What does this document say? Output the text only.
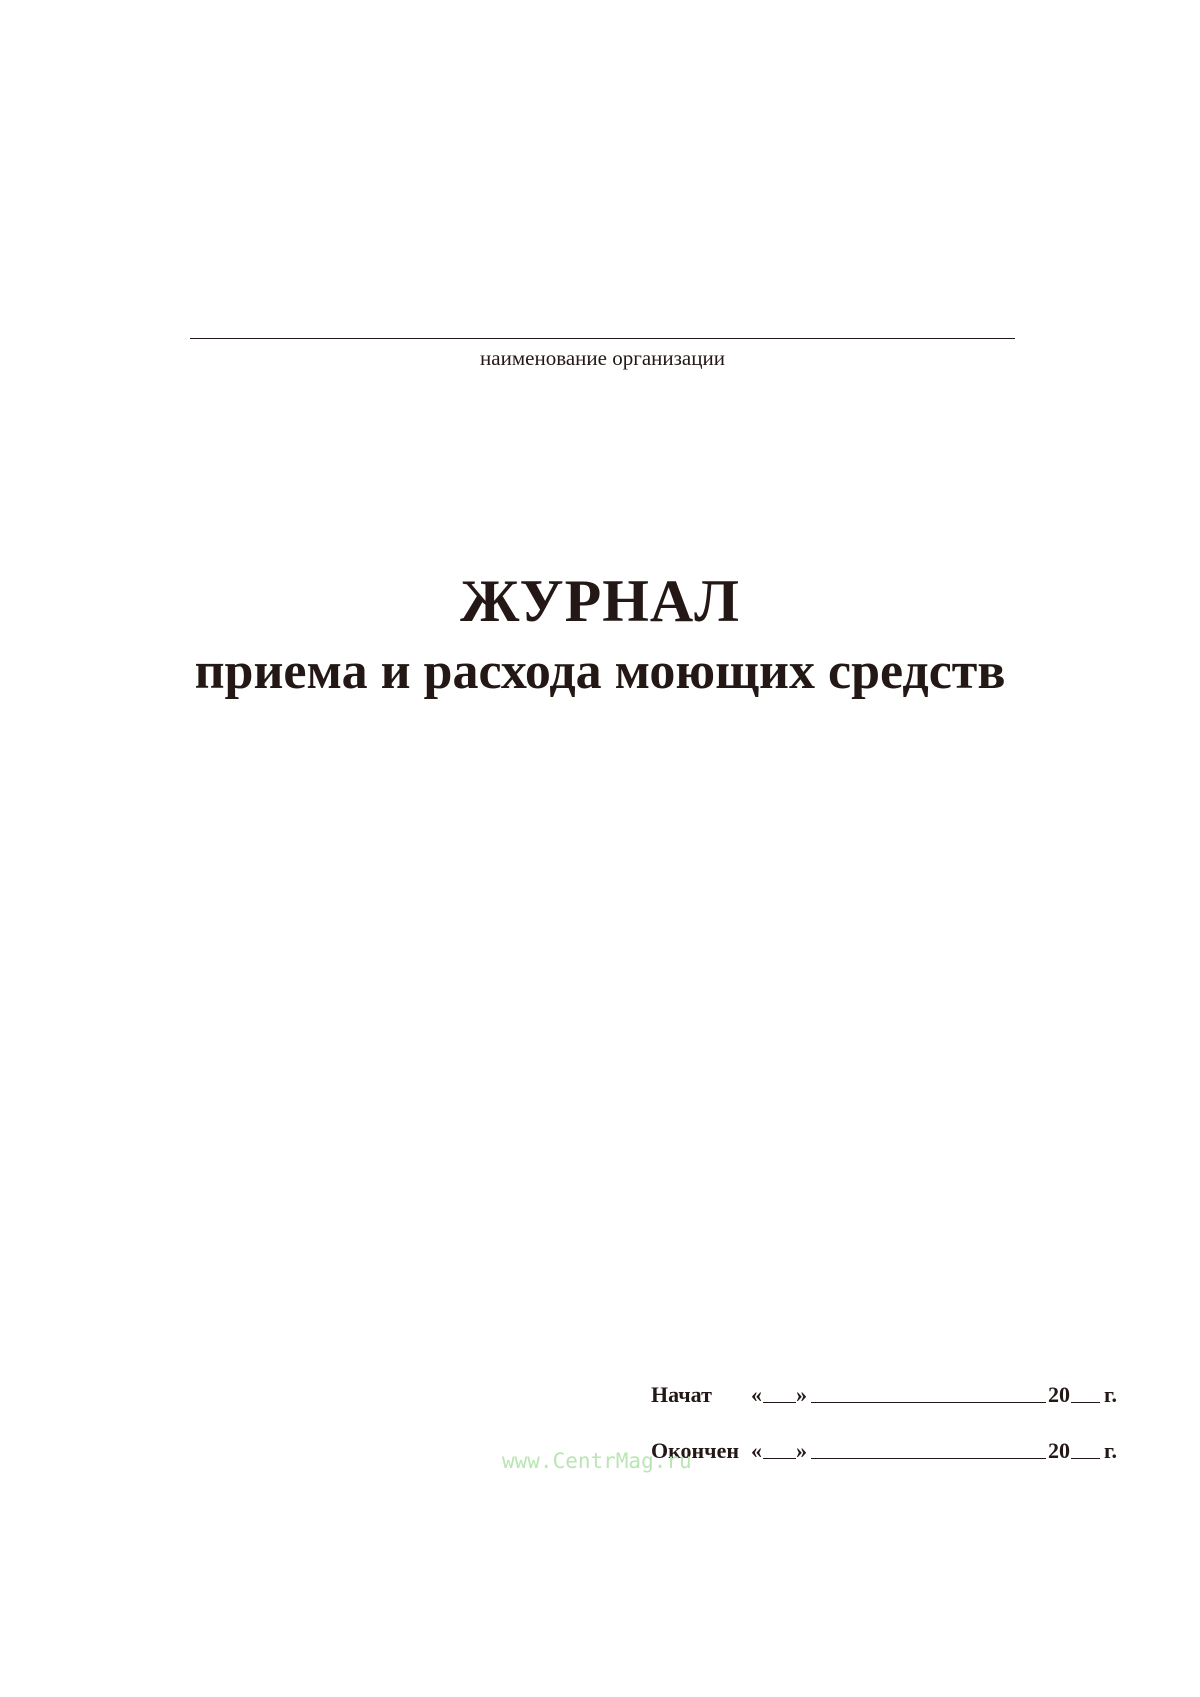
наименование организации
ЖУРНАЛ
приема и расхода моющих средств
Начат « »	20 г.
Окончен « »	20 г.
www.CentrMag.ru
